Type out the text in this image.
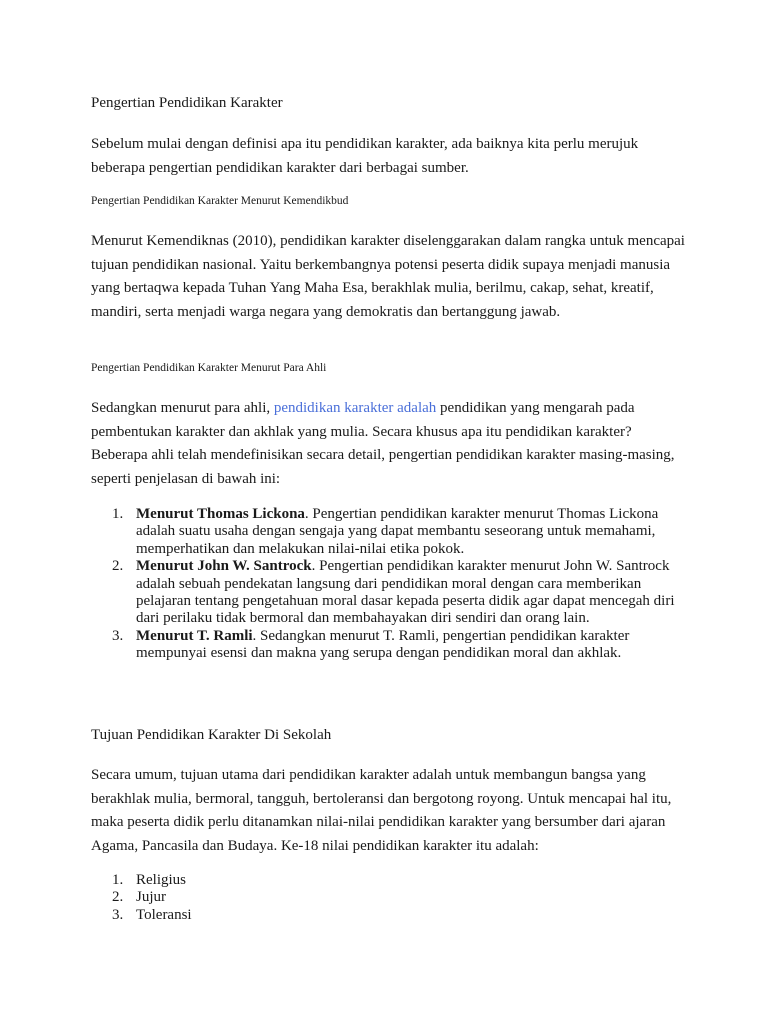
Pengertian Pendidikan Karakter

Sebelum mulai dengan definisi apa itu pendidikan karakter, ada baiknya kita perlu merujuk beberapa pengertian pendidikan karakter dari berbagai sumber.

Pengertian Pendidikan Karakter Menurut Kemendikbud

Menurut Kemendiknas (2010), pendidikan karakter diselenggarakan dalam rangka untuk mencapai tujuan pendidikan nasional. Yaitu berkembangnya potensi peserta didik supaya menjadi manusia yang bertaqwa kepada Tuhan Yang Maha Esa, berakhlak mulia, berilmu, cakap, sehat, kreatif, mandiri, serta menjadi warga negara yang demokratis dan bertanggung jawab.

Pengertian Pendidikan Karakter Menurut Para Ahli

Sedangkan menurut para ahli, pendidikan karakter adalah pendidikan yang mengarah pada pembentukan karakter dan akhlak yang mulia. Secara khusus apa itu pendidikan karakter? Beberapa ahli telah mendefinisikan secara detail, pengertian pendidikan karakter masing-masing, seperti penjelasan di bawah ini:

1. Menurut Thomas Lickona. Pengertian pendidikan karakter menurut Thomas Lickona adalah suatu usaha dengan sengaja yang dapat membantu seseorang untuk memahami, memperhatikan dan melakukan nilai-nilai etika pokok.
2. Menurut John W. Santrock. Pengertian pendidikan karakter menurut John W. Santrock adalah sebuah pendekatan langsung dari pendidikan moral dengan cara memberikan pelajaran tentang pengetahuan moral dasar kepada peserta didik agar dapat mencegah diri dari perilaku tidak bermoral dan membahayakan diri sendiri dan orang lain.
3. Menurut T. Ramli. Sedangkan menurut T. Ramli, pengertian pendidikan karakter mempunyai esensi dan makna yang serupa dengan pendidikan moral dan akhlak.
Tujuan Pendidikan Karakter Di Sekolah

Secara umum, tujuan utama dari pendidikan karakter adalah untuk membangun bangsa yang berakhlak mulia, bermoral, tangguh, bertoleransi dan bergotong royong. Untuk mencapai hal itu, maka peserta didik perlu ditanamkan nilai-nilai pendidikan karakter yang bersumber dari ajaran Agama, Pancasila dan Budaya. Ke-18 nilai pendidikan karakter itu adalah:

1. Religius
2. Jujur
3. Toleransi
